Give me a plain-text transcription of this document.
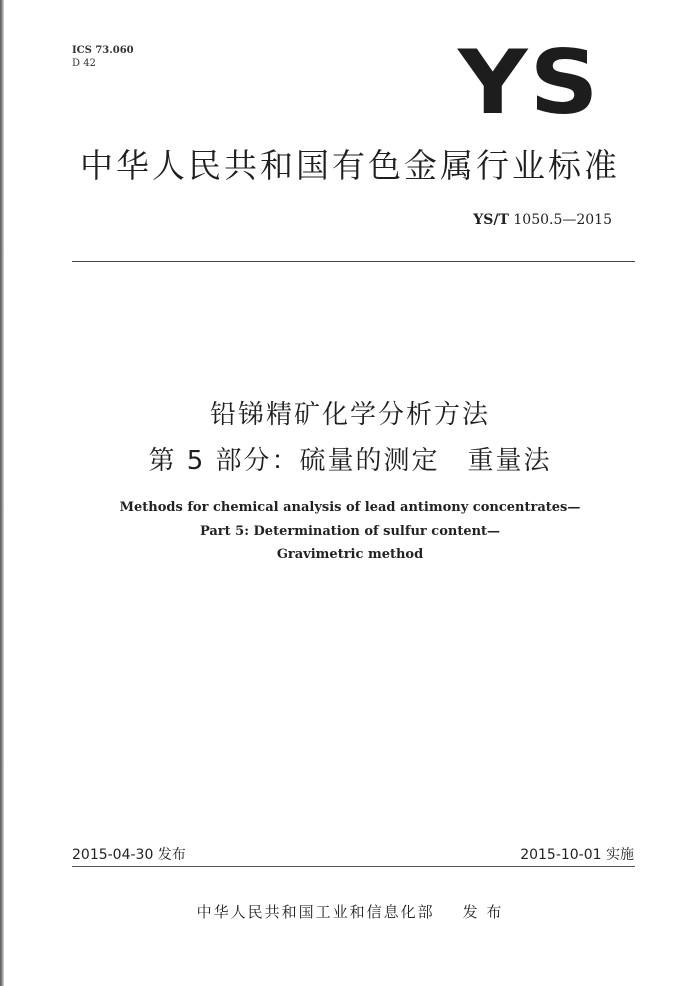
ICS 73.060
D 42	YS
中华人民共和国有色金属行业标准
YS/T 1050.5—2015
铅锑精矿化学分析方法
第 5 部分：硫量的测定　重量法
Methods for chemical analysis of lead antimony concentrates—
Part 5: Determination of sulfur content—
Gravimetric method
2015-04-30 发布	2015-10-01 实施
中华人民共和国工业和信息化部 发 布
